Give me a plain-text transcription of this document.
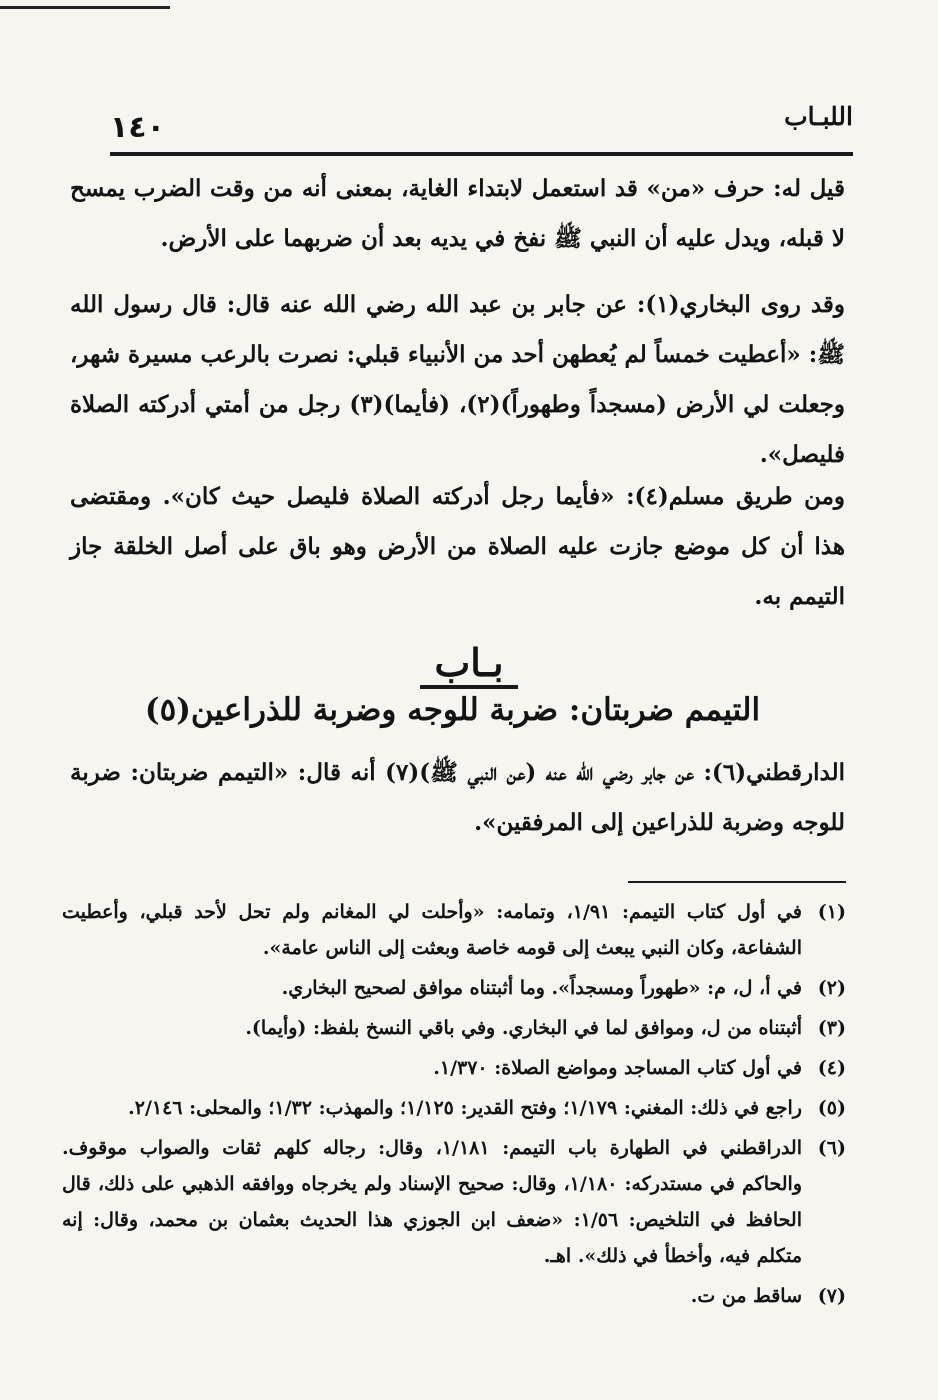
١٤٠	اللبـاب

قيل له: حرف «من» قد استعمل لابتداء الغاية، بمعنى أنه من وقت الضرب يمسح لا قبله، ويدل عليه أن النبي ﷺ نفخ في يديه بعد أن ضربهما على الأرض.

وقد روى البخاري(١): عن جابر بن عبد الله رضي الله عنه قال: قال رسول الله ﷺ: «أعطيت خمساً لم يُعطهن أحد من الأنبياء قبلي: نصرت بالرعب مسيرة شهر، وجعلت لي الأرض (مسجداً وطهوراً)(٢)، (فأيما)(٣) رجل من أمتي أدركته الصلاة فليصل».

ومن طريق مسلم(٤): «فأيما رجل أدركته الصلاة فليصل حيث كان». ومقتضى هذا أن كل موضع جازت عليه الصلاة من الأرض وهو باق على أصل الخلقة جاز التيمم به.

بـاب
التيمم ضربتان: ضربة للوجه وضربة للذراعين(٥)

الدارقطني(٦): عن جابر رضي الله عنه (عن النبي ﷺ)(٧) أنه قال: «التيمم ضربتان: ضربة للوجه وضربة للذراعين إلى المرفقين».

(١)
في أول كتاب التيمم: ١/٩١، وتمامه: «وأحلت لي المغانم ولم تحل لأحد قبلي، وأعطيت الشفاعة، وكان النبي يبعث إلى قومه خاصة وبعثت إلى الناس عامة».
(٢)
في أ، ل، م: «طهوراً ومسجداً». وما أثبتناه موافق لصحيح البخاري.
(٣)
أثبتناه من ل، وموافق لما في البخاري. وفي باقي النسخ بلفظ: (وأيما).
(٤)
في أول كتاب المساجد ومواضع الصلاة: ١/٣٧٠.
(٥)
راجع في ذلك: المغني: ١/١٧٩؛ وفتح القدير: ١/١٢٥؛ والمهذب: ١/٣٢؛ والمحلى: ٢/١٤٦.
(٦)
الدراقطني في الطهارة باب التيمم: ١/١٨١، وقال: رجاله كلهم ثقات والصواب موقوف. والحاكم في مستدركه: ١/١٨٠، وقال: صحيح الإسناد ولم يخرجاه ووافقه الذهبي على ذلك، قال الحافظ في التلخيص: ١/٥٦: «ضعف ابن الجوزي هذا الحديث بعثمان بن محمد، وقال: إنه متكلم فيه، وأخطأ في ذلك». اهـ.
(٧)
ساقط من ت.
